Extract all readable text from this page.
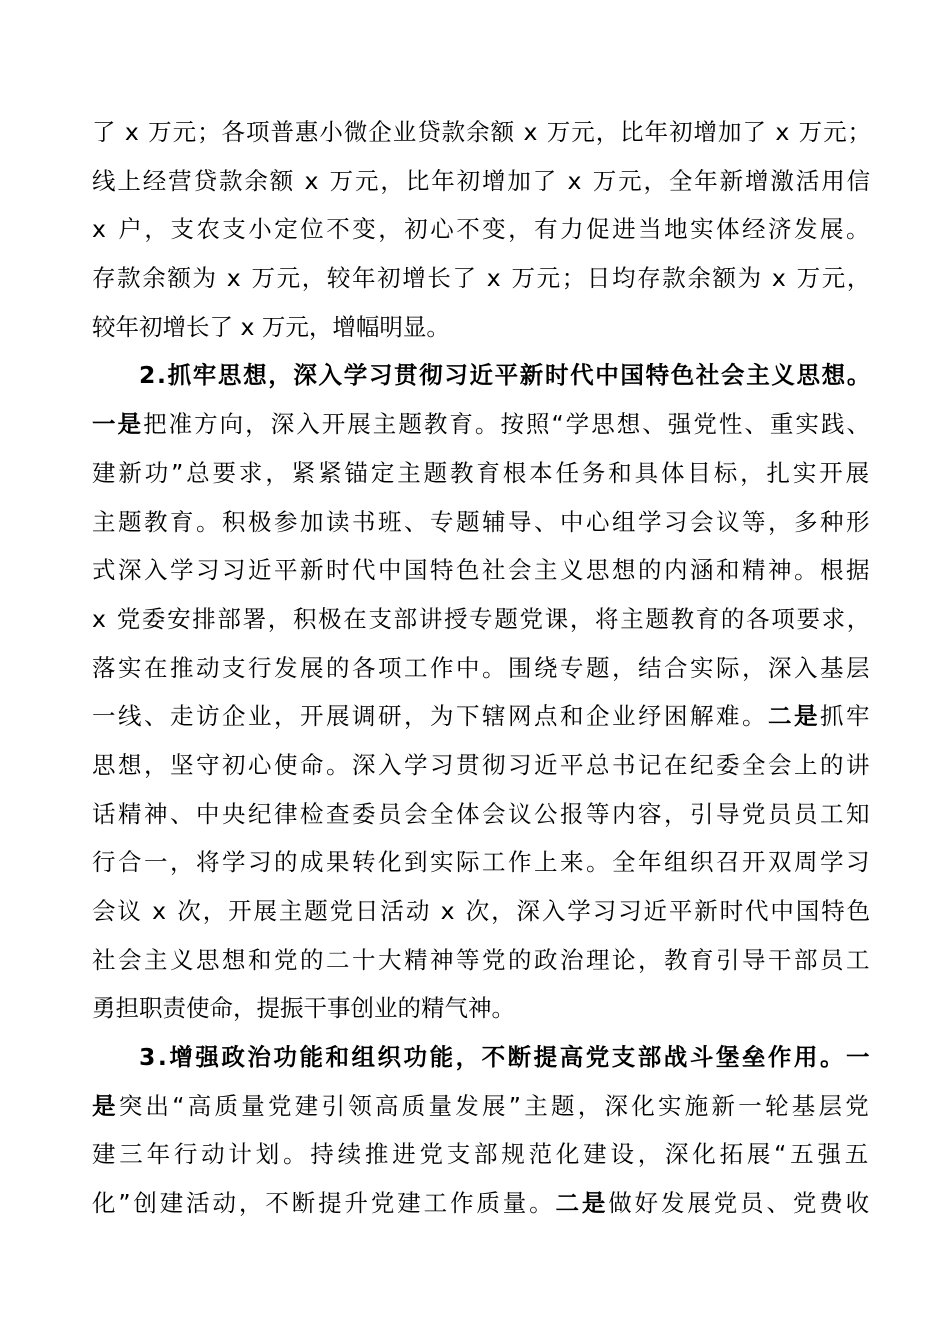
了 x 万元；各项普惠小微企业贷款余额 x 万元，比年初增加了 x 万元；
线上经营贷款余额 x 万元，比年初增加了 x 万元，全年新增激活用信
x 户，支农支小定位不变，初心不变，有力促进当地实体经济发展。
存款余额为 x 万元，较年初增长了 x 万元；日均存款余额为 x 万元，
较年初增长了 x 万元，增幅明显。
2.抓牢思想，深入学习贯彻习近平新时代中国特色社会主义思想。
一是把准方向，深入开展主题教育。按照“学思想、强党性、重实践、
建新功”总要求，紧紧锚定主题教育根本任务和具体目标，扎实开展
主题教育。积极参加读书班、专题辅导、中心组学习会议等，多种形
式深入学习习近平新时代中国特色社会主义思想的内涵和精神。根据
x 党委安排部署，积极在支部讲授专题党课，将主题教育的各项要求，
落实在推动支行发展的各项工作中。围绕专题，结合实际，深入基层
一线、走访企业，开展调研，为下辖网点和企业纾困解难。二是抓牢
思想，坚守初心使命。深入学习贯彻习近平总书记在纪委全会上的讲
话精神、中央纪律检查委员会全体会议公报等内容，引导党员员工知
行合一，将学习的成果转化到实际工作上来。全年组织召开双周学习
会议 x 次，开展主题党日活动 x 次，深入学习习近平新时代中国特色
社会主义思想和党的二十大精神等党的政治理论，教育引导干部员工
勇担职责使命，提振干事创业的精气神。
3.增强政治功能和组织功能，不断提高党支部战斗堡垒作用。一
是突出“高质量党建引领高质量发展”主题，深化实施新一轮基层党
建三年行动计划。持续推进党支部规范化建设，深化拓展“五强五
化”创建活动，不断提升党建工作质量。二是做好发展党员、党费收
